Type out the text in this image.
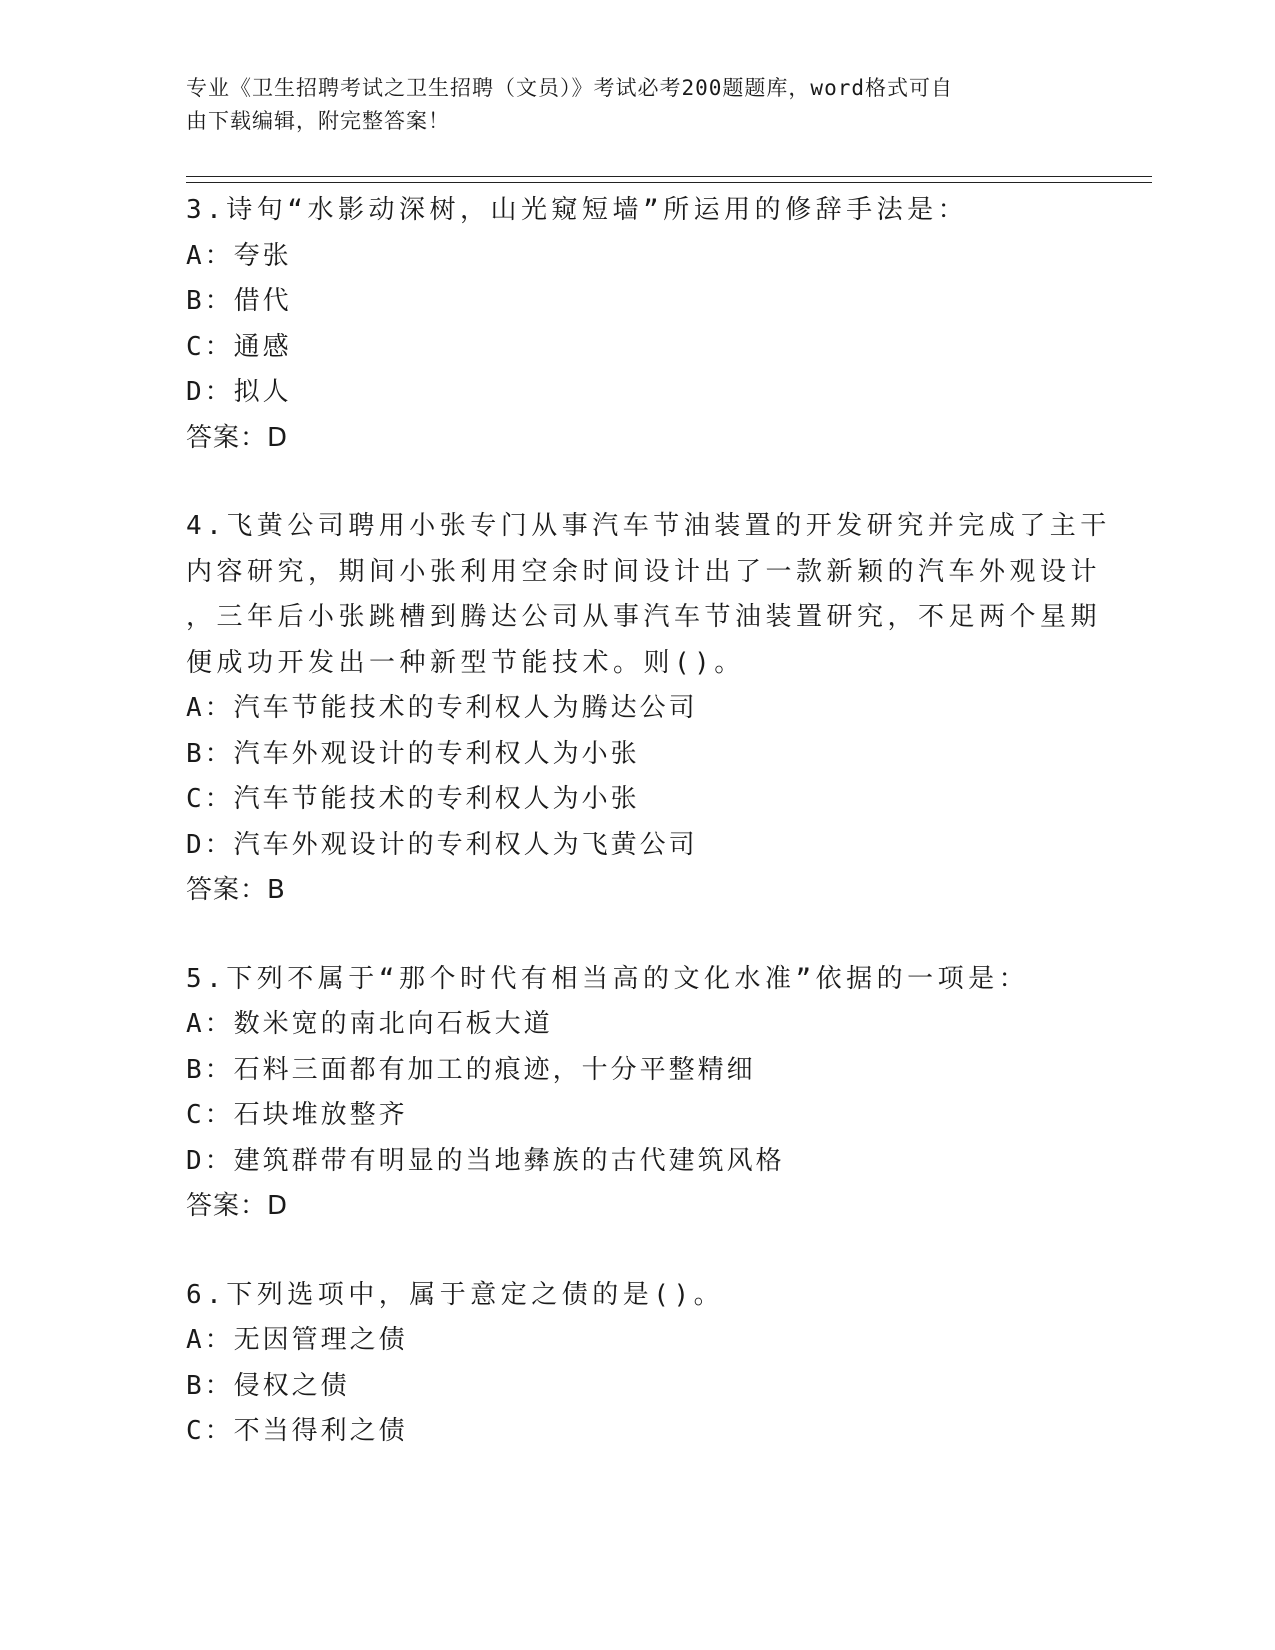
专业《卫生招聘考试之卫生招聘（文员）》考试必考200题题库，word格式可自
由下载编辑，附完整答案！
3.诗句“水影动深树，山光窥短墙”所运用的修辞手法是：
A：夸张
B：借代
C：通感
D：拟人
答案：D
4.飞黄公司聘用小张专门从事汽车节油装置的开发研究并完成了主干
内容研究，期间小张利用空余时间设计出了一款新颖的汽车外观设计
，三年后小张跳槽到腾达公司从事汽车节油装置研究，不足两个星期
便成功开发出一种新型节能技术。则()。
A：汽车节能技术的专利权人为腾达公司
B：汽车外观设计的专利权人为小张
C：汽车节能技术的专利权人为小张
D：汽车外观设计的专利权人为飞黄公司
答案：B
5.下列不属于“那个时代有相当高的文化水准”依据的一项是：
A：数米宽的南北向石板大道
B：石料三面都有加工的痕迹，十分平整精细
C：石块堆放整齐
D：建筑群带有明显的当地彝族的古代建筑风格
答案：D
6.下列选项中，属于意定之债的是()。
A：无因管理之债
B：侵权之债
C：不当得利之债
